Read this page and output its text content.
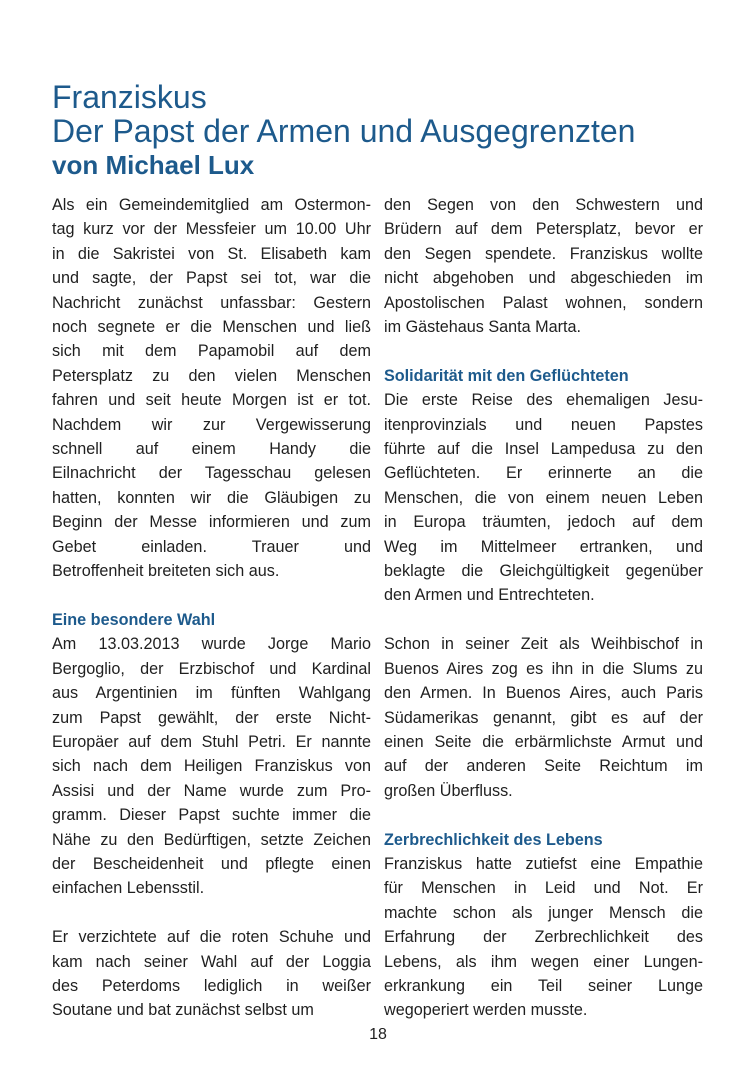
Franziskus
Der Papst der Armen und Ausgegrenzten
von Michael Lux

Als ein Gemeindemitglied am Ostermon-
tag kurz vor der Messfeier um 10.00 Uhr
in die Sakristei von St. Elisabeth kam
und sagte, der Papst sei tot, war die
Nachricht zunächst unfassbar: Gestern
noch segnete er die Menschen und ließ
sich mit dem Papamobil auf dem
Petersplatz zu den vielen Menschen
fahren und seit heute Morgen ist er tot.
Nachdem wir zur Vergewisserung
schnell auf einem Handy die
Eilnachricht der Tagesschau gelesen
hatten, konnten wir die Gläubigen zu
Beginn der Messe informieren und zum
Gebet einladen. Trauer und
Betroffenheit breiteten sich aus.

Eine besondere Wahl

Am 13.03.2013 wurde Jorge Mario
Bergoglio, der Erzbischof und Kardinal
aus Argentinien im fünften Wahlgang
zum Papst gewählt, der erste Nicht-
Europäer auf dem Stuhl Petri. Er nannte
sich nach dem Heiligen Franziskus von
Assisi und der Name wurde zum Pro-
gramm. Dieser Papst suchte immer die
Nähe zu den Bedürftigen, setzte Zeichen
der Bescheidenheit und pflegte einen
einfachen Lebensstil.

Er verzichtete auf die roten Schuhe und
kam nach seiner Wahl auf der Loggia
des Peterdoms lediglich in weißer
Soutane und bat zunächst selbst um

den Segen von den Schwestern und
Brüdern auf dem Petersplatz, bevor er
den Segen spendete. Franziskus wollte
nicht abgehoben und abgeschieden im
Apostolischen Palast wohnen, sondern
im Gästehaus Santa Marta.

Solidarität mit den Geflüchteten

Die erste Reise des ehemaligen Jesu-
itenprovinzials und neuen Papstes
führte auf die Insel Lampedusa zu den
Geflüchteten. Er erinnerte an die
Menschen, die von einem neuen Leben
in Europa träumten, jedoch auf dem
Weg im Mittelmeer ertranken, und
beklagte die Gleichgültigkeit gegenüber
den Armen und Entrechteten.

Schon in seiner Zeit als Weihbischof in
Buenos Aires zog es ihn in die Slums zu
den Armen. In Buenos Aires, auch Paris
Südamerikas genannt, gibt es auf der
einen Seite die erbärmlichste Armut und
auf der anderen Seite Reichtum im
großen Überfluss.

Zerbrechlichkeit des Lebens

Franziskus hatte zutiefst eine Empathie
für Menschen in Leid und Not. Er
machte schon als junger Mensch die
Erfahrung der Zerbrechlichkeit des
Lebens, als ihm wegen einer Lungen-
erkrankung ein Teil seiner Lunge
wegoperiert werden musste.

18
